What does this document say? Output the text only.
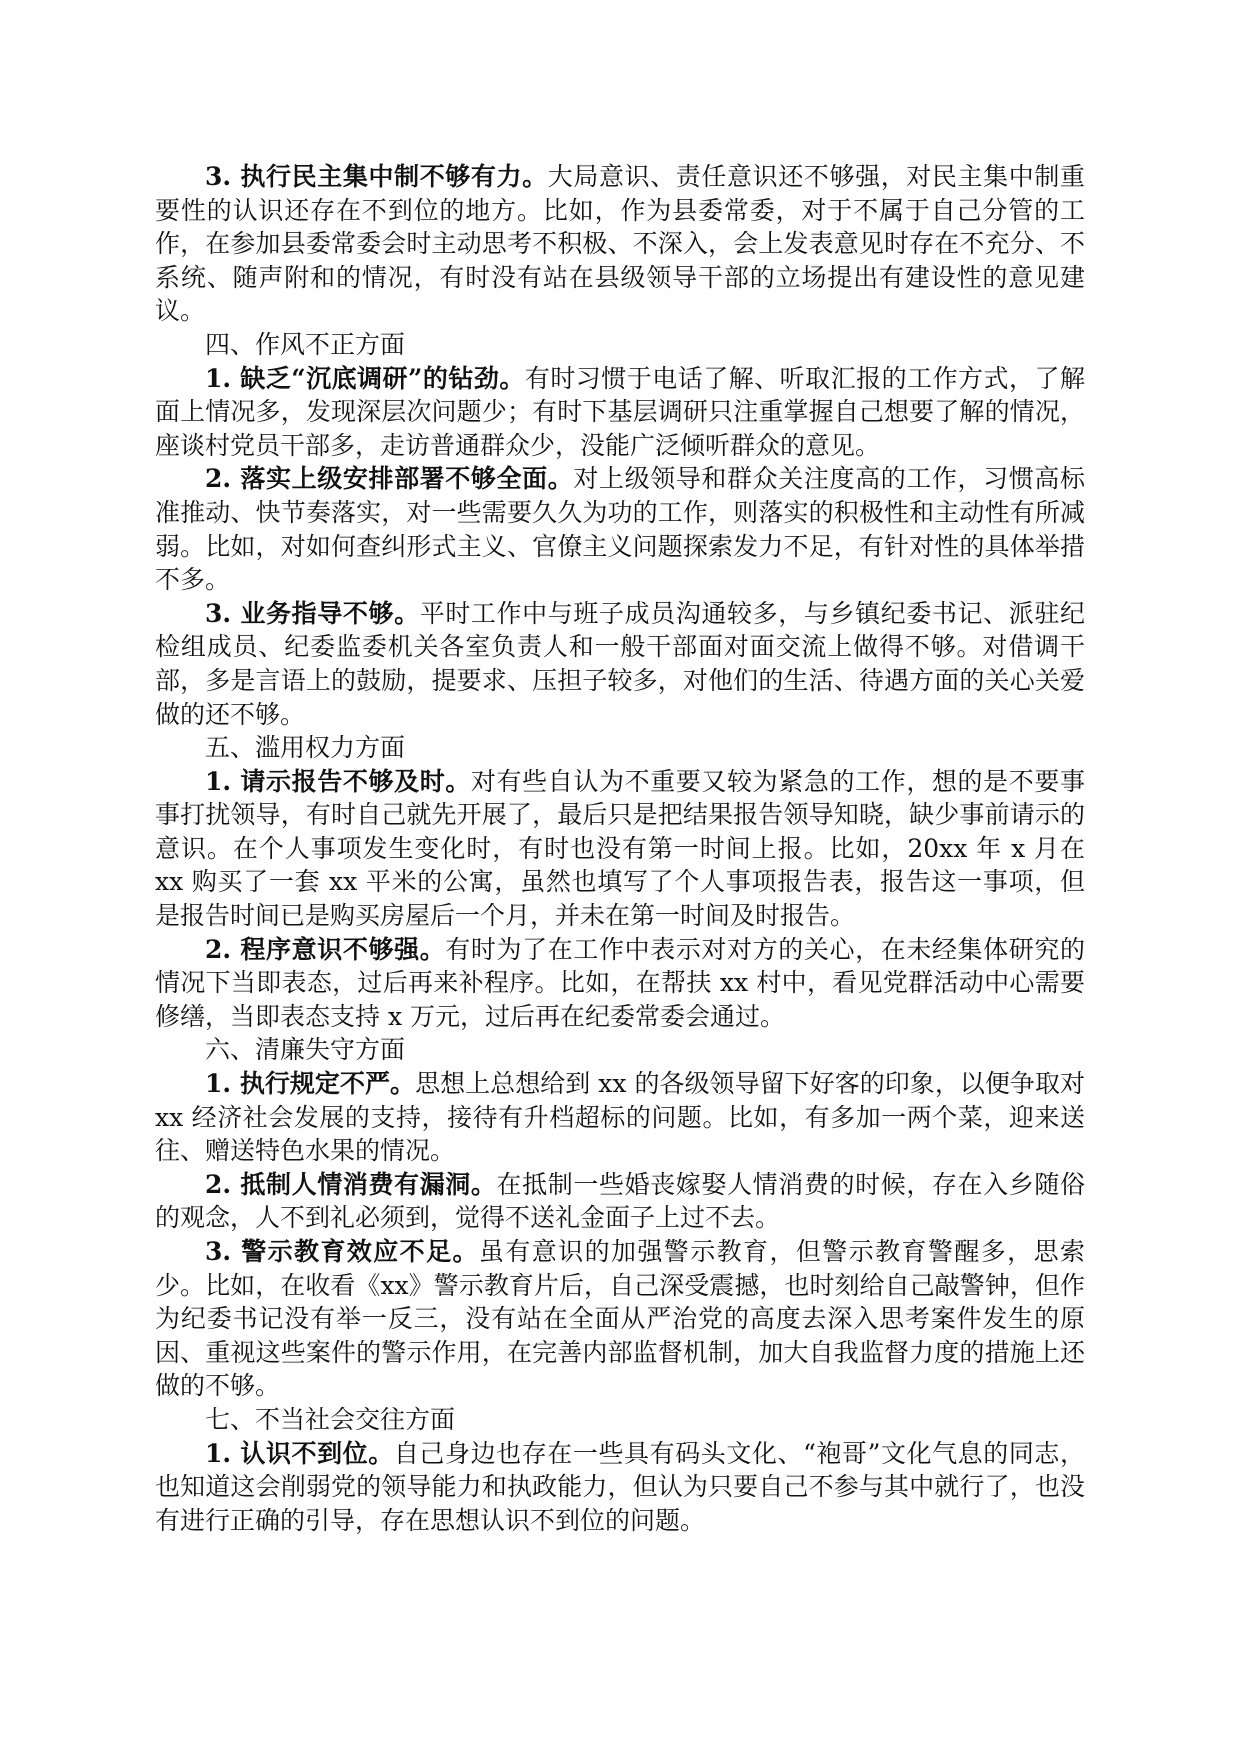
3. 执行民主集中制不够有力。大局意识、责任意识还不够强，对民主集中制重要性的认识还存在不到位的地方。比如，作为县委常委，对于不属于自己分管的工作，在参加县委常委会时主动思考不积极、不深入，会上发表意见时存在不充分、不系统、随声附和的情况，有时没有站在县级领导干部的立场提出有建设性的意见建议。

四、作风不正方面

1. 缺乏“沉底调研”的钻劲。有时习惯于电话了解、听取汇报的工作方式，了解面上情况多，发现深层次问题少；有时下基层调研只注重掌握自己想要了解的情况，座谈村党员干部多，走访普通群众少，没能广泛倾听群众的意见。

2. 落实上级安排部署不够全面。对上级领导和群众关注度高的工作，习惯高标准推动、快节奏落实，对一些需要久久为功的工作，则落实的积极性和主动性有所减弱。比如，对如何查纠形式主义、官僚主义问题探索发力不足，有针对性的具体举措不多。

3. 业务指导不够。平时工作中与班子成员沟通较多，与乡镇纪委书记、派驻纪检组成员、纪委监委机关各室负责人和一般干部面对面交流上做得不够。对借调干部，多是言语上的鼓励，提要求、压担子较多，对他们的生活、待遇方面的关心关爱做的还不够。

五、滥用权力方面

1. 请示报告不够及时。对有些自认为不重要又较为紧急的工作，想的是不要事事打扰领导，有时自己就先开展了，最后只是把结果报告领导知晓，缺少事前请示的意识。在个人事项发生变化时，有时也没有第一时间上报。比如，20xx 年 x 月在 xx 购买了一套 xx 平米的公寓，虽然也填写了个人事项报告表，报告这一事项，但是报告时间已是购买房屋后一个月，并未在第一时间及时报告。

2. 程序意识不够强。有时为了在工作中表示对对方的关心，在未经集体研究的情况下当即表态，过后再来补程序。比如，在帮扶 xx 村中，看见党群活动中心需要修缮，当即表态支持 x 万元，过后再在纪委常委会通过。

六、清廉失守方面

1. 执行规定不严。思想上总想给到 xx 的各级领导留下好客的印象，以便争取对 xx 经济社会发展的支持，接待有升档超标的问题。比如，有多加一两个菜，迎来送往、赠送特色水果的情况。

2. 抵制人情消费有漏洞。在抵制一些婚丧嫁娶人情消费的时候，存在入乡随俗的观念，人不到礼必须到，觉得不送礼金面子上过不去。

3. 警示教育效应不足。虽有意识的加强警示教育，但警示教育警醒多，思索少。比如，在收看《xx》警示教育片后，自己深受震撼，也时刻给自己敲警钟，但作为纪委书记没有举一反三，没有站在全面从严治党的高度去深入思考案件发生的原因、重视这些案件的警示作用，在完善内部监督机制，加大自我监督力度的措施上还做的不够。

七、不当社会交往方面

1. 认识不到位。自己身边也存在一些具有码头文化、“袍哥”文化气息的同志，也知道这会削弱党的领导能力和执政能力，但认为只要自己不参与其中就行了，也没有进行正确的引导，存在思想认识不到位的问题。
